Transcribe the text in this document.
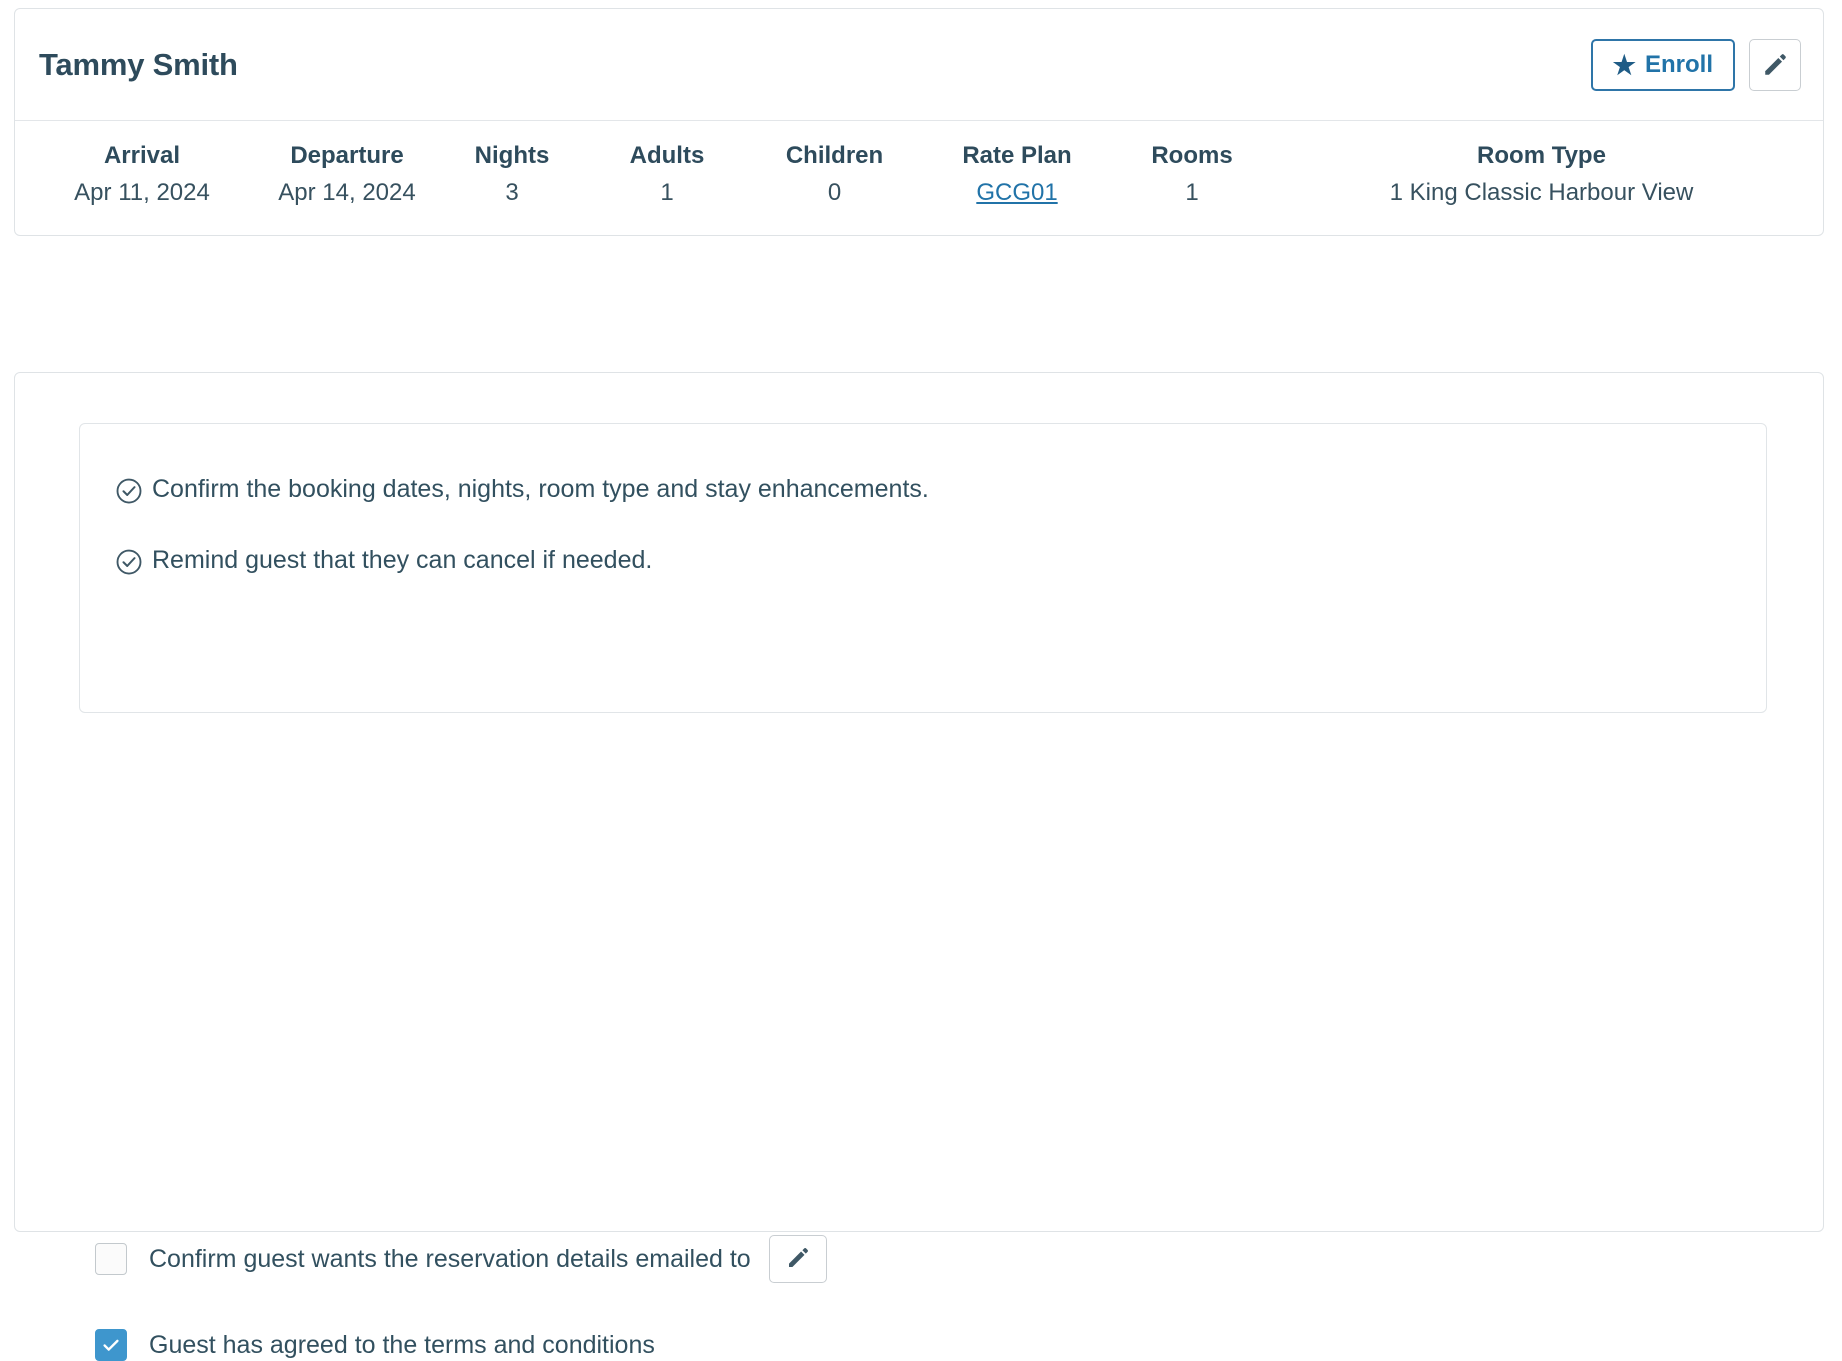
Tammy Smith	★ Enroll
Arrival
Apr 11, 2024
Departure
Apr 14, 2024
Nights
3
Adults
1
Children
0
Rate Plan
GCG01
Rooms
1
Room Type
1 King Classic Harbour View
Confirm the booking dates, nights, room type and stay enhancements.
Remind guest that they can cancel if needed.
Confirm guest wants the reservation details emailed to
Guest has agreed to the terms and conditions
